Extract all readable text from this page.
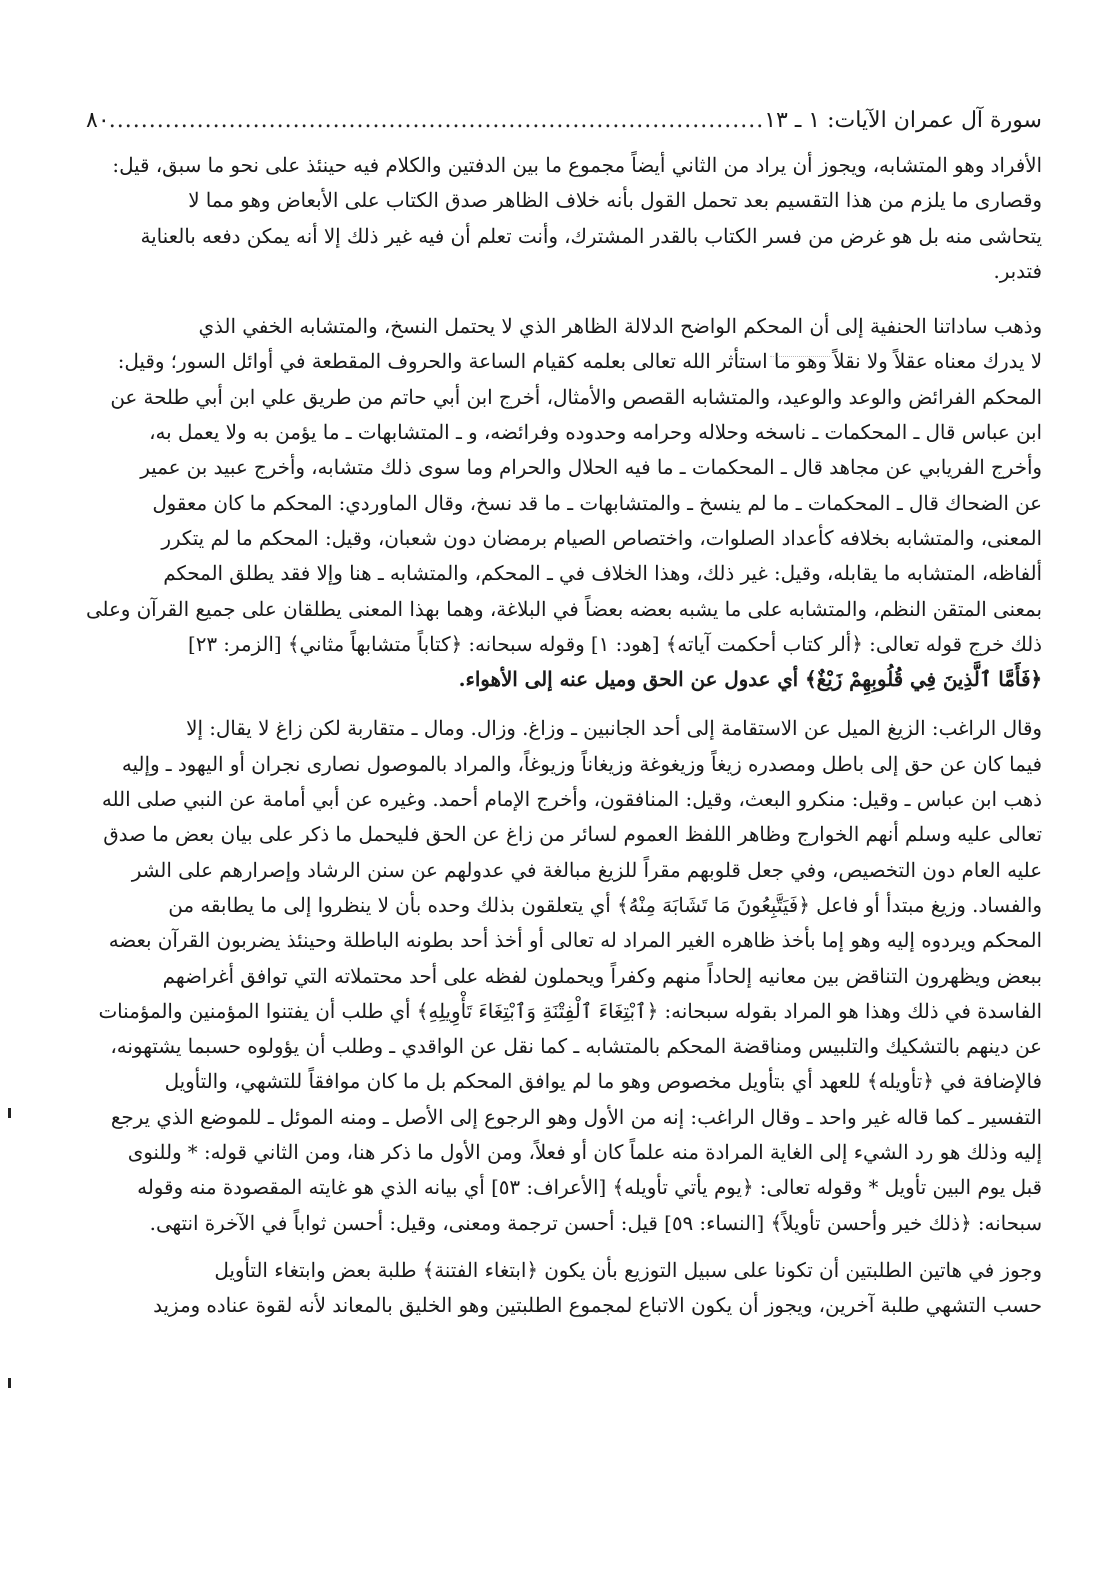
سورة آل عمران الآيات: ١ ـ ١٣
.....
٨٠
الأفراد وهو المتشابه، ويجوز أن يراد من الثاني أيضاً مجموع ما بين الدفتين والكلام فيه حينئذ على نحو ما سبق، قيل:
وقصارى ما يلزم من هذا التقسيم بعد تحمل القول بأنه خلاف الظاهر صدق الكتاب على الأبعاض وهو مما لا
يتحاشى منه بل هو غرض من فسر الكتاب بالقدر المشترك، وأنت تعلم أن فيه غير ذلك إلا أنه يمكن دفعه بالعناية
فتدبر.
وذهب ساداتنا الحنفية إلى أن المحكم الواضح الدلالة الظاهر الذي لا يحتمل النسخ، والمتشابه الخفي الذي
لا يدرك معناه عقلاً ولا نقلاً وهو ما استأثر الله تعالى بعلمه كقيام الساعة والحروف المقطعة في أوائل السور؛ وقيل:
المحكم الفرائض والوعد والوعيد، والمتشابه القصص والأمثال، أخرج ابن أبي حاتم من طريق علي ابن أبي طلحة عن
ابن عباس قال ـ المحكمات ـ ناسخه وحلاله وحرامه وحدوده وفرائضه، و ـ المتشابهات ـ ما يؤمن به ولا يعمل به،
وأخرج الفريابي عن مجاهد قال ـ المحكمات ـ ما فيه الحلال والحرام وما سوى ذلك متشابه، وأخرج عبيد بن عمير
عن الضحاك قال ـ المحكمات ـ ما لم ينسخ ـ والمتشابهات ـ ما قد نسخ، وقال الماوردي: المحكم ما كان معقول
المعنى، والمتشابه بخلافه كأعداد الصلوات، واختصاص الصيام برمضان دون شعبان، وقيل: المحكم ما لم يتكرر
ألفاظه، المتشابه ما يقابله، وقيل: غير ذلك، وهذا الخلاف في ـ المحكم، والمتشابه ـ هنا وإلا فقد يطلق المحكم
بمعنى المتقن النظم، والمتشابه على ما يشبه بعضه بعضاً في البلاغة، وهما بهذا المعنى يطلقان على جميع القرآن وعلى
ذلك خرج قوله تعالى: ﴿ألر كتاب أحكمت آياته﴾ [هود: ١] وقوله سبحانه: ﴿كتاباً متشابهاً مثاني﴾ [الزمر: ٢٣]
﴿فَأَمَّا ٱلَّذِينَ فِي قُلُوبِهِمْ زَيْغٌ﴾ أي عدول عن الحق وميل عنه إلى الأهواء.
وقال الراغب: الزيغ الميل عن الاستقامة إلى أحد الجانبين ـ وزاغ. وزال. ومال ـ متقاربة لكن زاغ لا يقال: إلا
فيما كان عن حق إلى باطل ومصدره زيغاً وزيغوغة وزيغاناً وزيوغاً، والمراد بالموصول نصارى نجران أو اليهود ـ وإليه
ذهب ابن عباس ـ وقيل: منكرو البعث، وقيل: المنافقون، وأخرج الإمام أحمد. وغيره عن أبي أمامة عن النبي صلى الله
تعالى عليه وسلم أنهم الخوارج وظاهر اللفظ العموم لسائر من زاغ عن الحق فليحمل ما ذكر على بيان بعض ما صدق
عليه العام دون التخصيص، وفي جعل قلوبهم مقراً للزيغ مبالغة في عدولهم عن سنن الرشاد وإصرارهم على الشر
والفساد. وزيغ مبتدأ أو فاعل ﴿فَيَتَّبِعُونَ مَا تَشَابَهَ مِنْهُ﴾ أي يتعلقون بذلك وحده بأن لا ينظروا إلى ما يطابقه من
المحكم ويردوه إليه وهو إما بأخذ ظاهره الغير المراد له تعالى أو أخذ أحد بطونه الباطلة وحينئذ يضربون القرآن بعضه
ببعض ويظهرون التناقض بين معانيه إلحاداً منهم وكفراً ويحملون لفظه على أحد محتملاته التي توافق أغراضهم
الفاسدة في ذلك وهذا هو المراد بقوله سبحانه: ﴿ٱبْتِغَاءَ ٱلْفِتْنَةِ وَٱبْتِغَاءَ تَأْوِيلِهِ﴾ أي طلب أن يفتنوا المؤمنين والمؤمنات
عن دينهم بالتشكيك والتلبيس ومناقضة المحكم بالمتشابه ـ كما نقل عن الواقدي ـ وطلب أن يؤولوه حسبما يشتهونه،
فالإضافة في ﴿تأويله﴾ للعهد أي بتأويل مخصوص وهو ما لم يوافق المحكم بل ما كان موافقاً للتشهي، والتأويل
التفسير ـ كما قاله غير واحد ـ وقال الراغب: إنه من الأول وهو الرجوع إلى الأصل ـ ومنه الموئل ـ للموضع الذي يرجع
إليه وذلك هو رد الشيء إلى الغاية المرادة منه علماً كان أو فعلاً، ومن الأول ما ذكر هنا، ومن الثاني قوله: * وللنوى
قبل يوم البين تأويل * وقوله تعالى: ﴿يوم يأتي تأويله﴾ [الأعراف: ٥٣] أي بيانه الذي هو غايته المقصودة منه وقوله
سبحانه: ﴿ذلك خير وأحسن تأويلاً﴾ [النساء: ٥٩] قيل: أحسن ترجمة ومعنى، وقيل: أحسن ثواباً في الآخرة انتهى.
وجوز في هاتين الطلبتين أن تكونا على سبيل التوزيع بأن يكون ﴿ابتغاء الفتنة﴾ طلبة بعض وابتغاء التأويل
حسب التشهي طلبة آخرين، ويجوز أن يكون الاتباع لمجموع الطلبتين وهو الخليق بالمعاند لأنه لقوة عناده ومزيد
